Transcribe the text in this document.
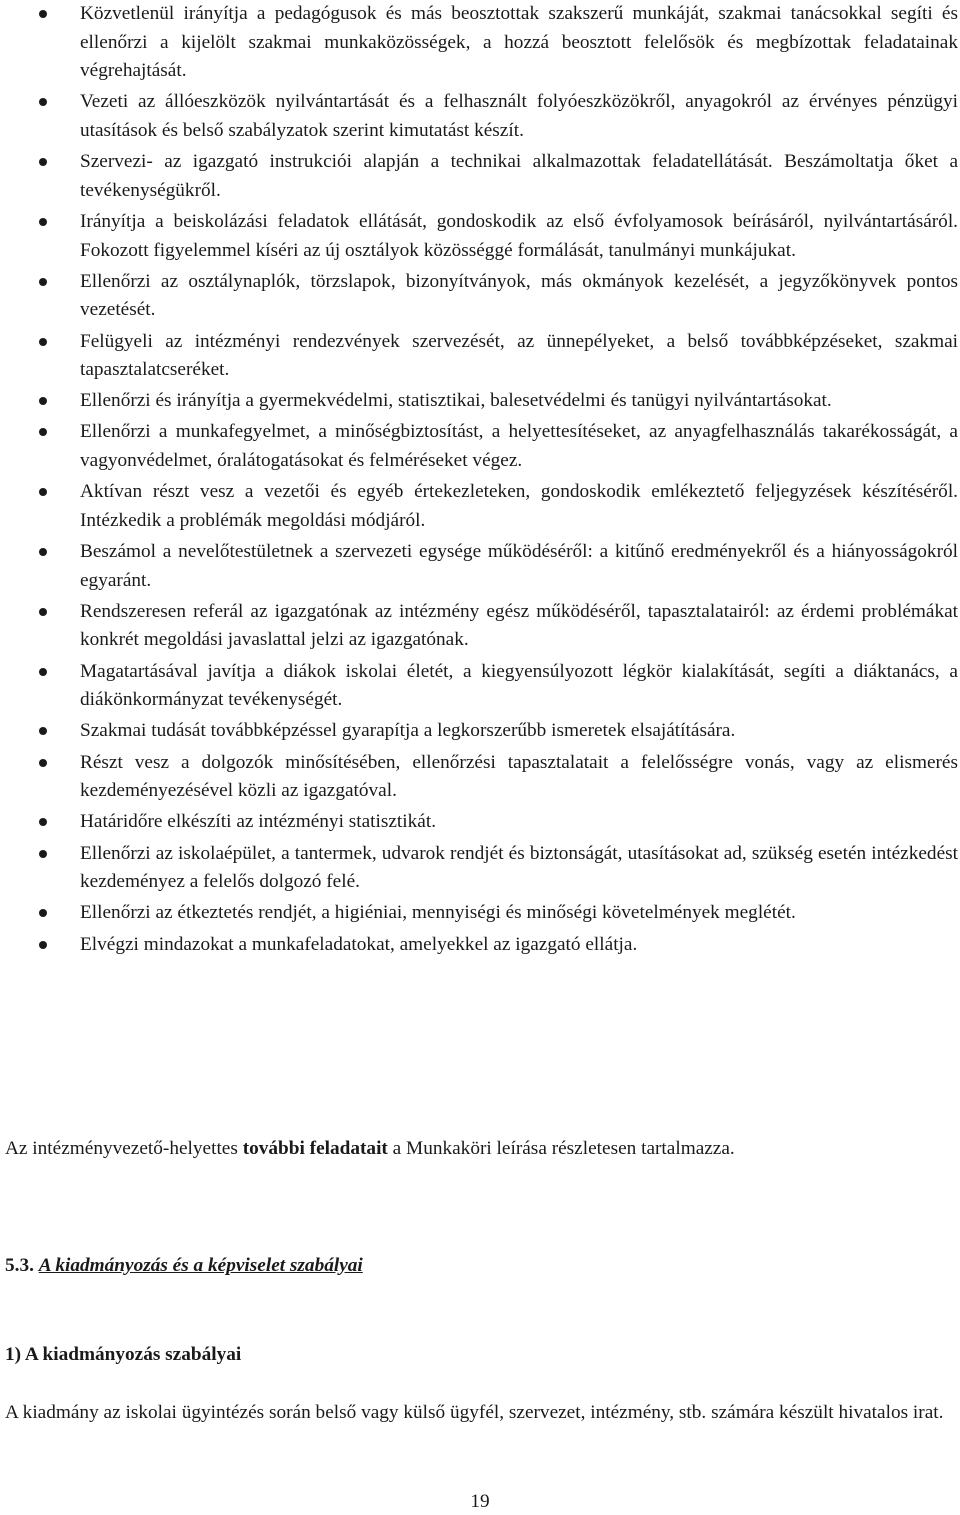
Közvetlenül irányítja a pedagógusok és más beosztottak szakszerű munkáját, szakmai tanácsokkal segíti és ellenőrzi a kijelölt szakmai munkaközösségek, a hozzá beosztott felelősök és megbízottak feladatainak végrehajtását.
Vezeti az állóeszközök nyilvántartását és a felhasznált folyóeszközökről, anyagokról az érvényes pénzügyi utasítások és belső szabályzatok szerint kimutatást készít.
Szervezi- az igazgató instrukciói alapján a technikai alkalmazottak feladatellátását. Beszámoltatja őket a tevékenységükről.
Irányítja a beiskolázási feladatok ellátását, gondoskodik az első évfolyamosok beírásáról, nyilvántartásáról. Fokozott figyelemmel kíséri az új osztályok közösséggé formálását, tanulmányi munkájukat.
Ellenőrzi az osztálynaplók, törzslapok, bizonyítványok, más okmányok kezelését, a jegyzőkönyvek pontos vezetését.
Felügyeli az intézményi rendezvények szervezését, az ünnepélyeket, a belső továbbképzéseket, szakmai tapasztalatcseréket.
Ellenőrzi és irányítja a gyermekvédelmi, statisztikai, balesetvédelmi és tanügyi nyilvántartásokat.
Ellenőrzi a munkafegyelmet, a minőségbiztosítást, a helyettesítéseket, az anyagfelhasználás takarékosságát, a vagyonvédelmet, óralátogatásokat és felméréseket végez.
Aktívan részt vesz a vezetői és egyéb értekezleteken, gondoskodik emlékeztető feljegyzések készítéséről. Intézkedik a problémák megoldási módjáról.
Beszámol a nevelőtestületnek a szervezeti egysége működéséről: a kitűnő eredményekről és a hiányosságokról egyaránt.
Rendszeresen referál az igazgatónak az intézmény egész működéséről, tapasztalatairól: az érdemi problémákat konkrét megoldási javaslattal jelzi az igazgatónak.
Magatartásával javítja a diákok iskolai életét, a kiegyensúlyozott légkör kialakítását, segíti a diáktanács, a diákönkormányzat tevékenységét.
Szakmai tudását továbbképzéssel gyarapítja a legkorszerűbb ismeretek elsajátítására.
Részt vesz a dolgozók minősítésében, ellenőrzési tapasztalatait a felelősségre vonás, vagy az elismerés kezdeményezésével közli az igazgatóval.
Határidőre elkészíti az intézményi statisztikát.
Ellenőrzi az iskolaépület, a tantermek, udvarok rendjét és biztonságát, utasításokat ad, szükség esetén intézkedést kezdeményez a felelős dolgozó felé.
Ellenőrzi az étkeztetés rendjét, a higiéniai, mennyiségi és minőségi követelmények meglétét.
Elvégzi mindazokat a munkafeladatokat, amelyekkel az igazgató ellátja.

Az intézményvezető-helyettes további feladatait a Munkaköri leírása részletesen tartalmazza.

5.3. A kiadmányozás és a képviselet szabályai
1) A kiadmányozás szabályai

A kiadmány az iskolai ügyintézés során belső vagy külső ügyfél, szervezet, intézmény, stb. számára készült hivatalos irat.

19
